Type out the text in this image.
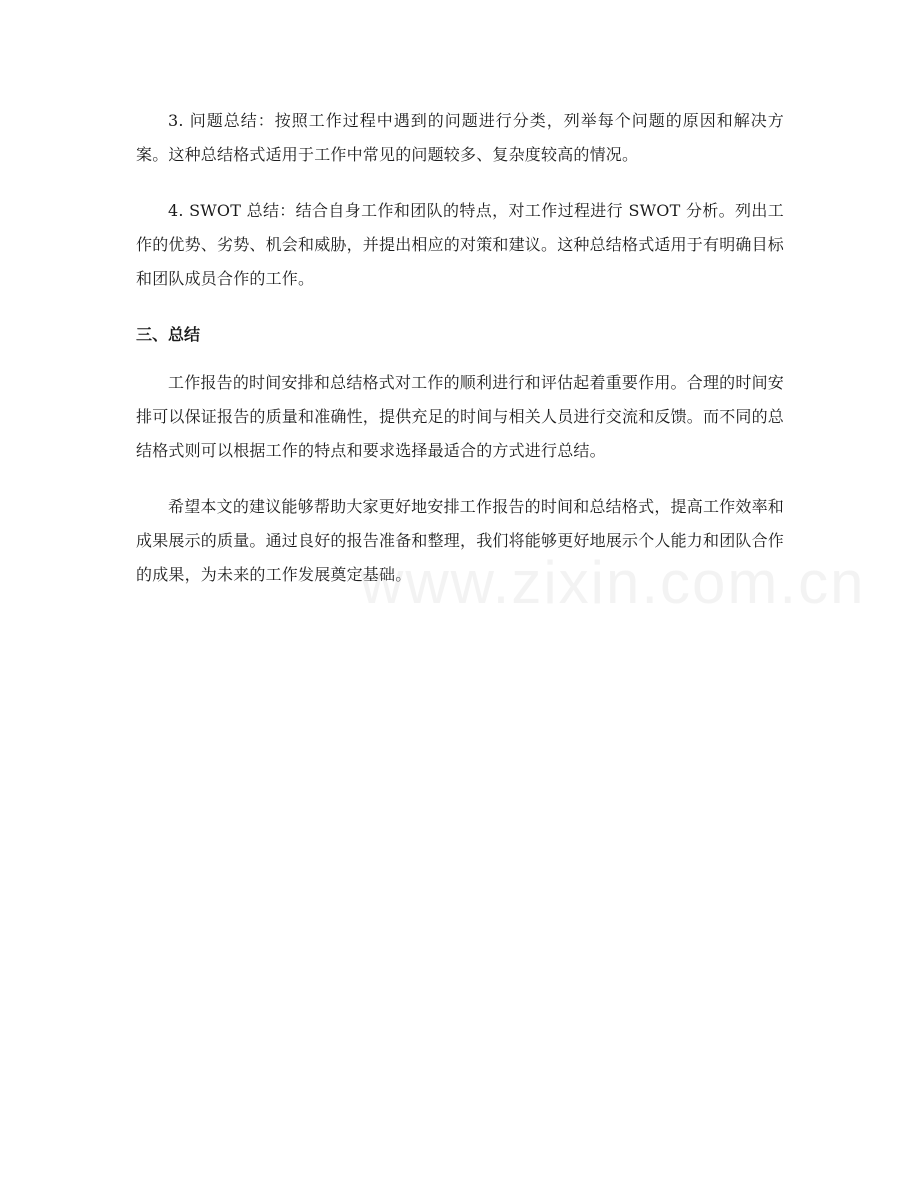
3. 问题总结：按照工作过程中遇到的问题进行分类，列举每个问题的原因和解决方案。这种总结格式适用于工作中常见的问题较多、复杂度较高的情况。

4. SWOT 总结：结合自身工作和团队的特点，对工作过程进行 SWOT 分析。列出工作的优势、劣势、机会和威胁，并提出相应的对策和建议。这种总结格式适用于有明确目标和团队成员合作的工作。

三、总结

工作报告的时间安排和总结格式对工作的顺利进行和评估起着重要作用。合理的时间安排可以保证报告的质量和准确性，提供充足的时间与相关人员进行交流和反馈。而不同的总结格式则可以根据工作的特点和要求选择最适合的方式进行总结。

希望本文的建议能够帮助大家更好地安排工作报告的时间和总结格式，提高工作效率和成果展示的质量。通过良好的报告准备和整理，我们将能够更好地展示个人能力和团队合作的成果，为未来的工作发展奠定基础。

www.zixin.com.cn
